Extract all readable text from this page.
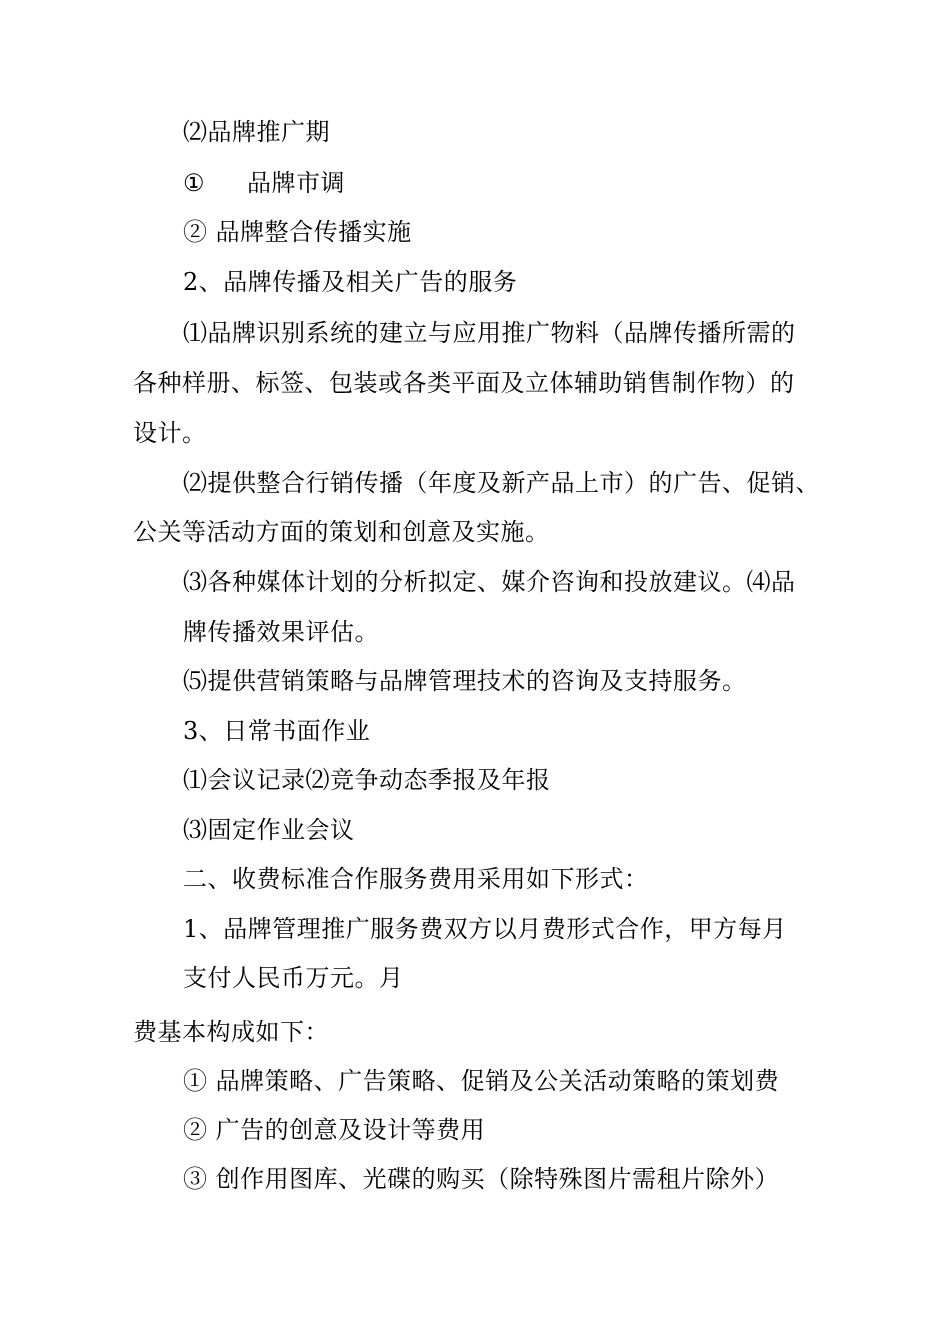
⑵品牌推广期
① 品牌市调
② 品牌整合传播实施
2、品牌传播及相关广告的服务
⑴品牌识别系统的建立与应用推广物料（品牌传播所需的
各种样册、标签、包装或各类平面及立体辅助销售制作物）的
设计。
⑵提供整合行销传播（年度及新产品上市）的广告、促销、
公关等活动方面的策划和创意及实施。
⑶各种媒体计划的分析拟定、媒介咨询和投放建议。⑷品
牌传播效果评估。
⑸提供营销策略与品牌管理技术的咨询及支持服务。
3、日常书面作业
⑴会议记录⑵竞争动态季报及年报
⑶固定作业会议
二、收费标准合作服务费用采用如下形式：
1、品牌管理推广服务费双方以月费形式合作，甲方每月
支付人民币万元。月
费基本构成如下：
① 品牌策略、广告策略、促销及公关活动策略的策划费
② 广告的创意及设计等费用
③ 创作用图库、光碟的购买（除特殊图片需租片除外）
